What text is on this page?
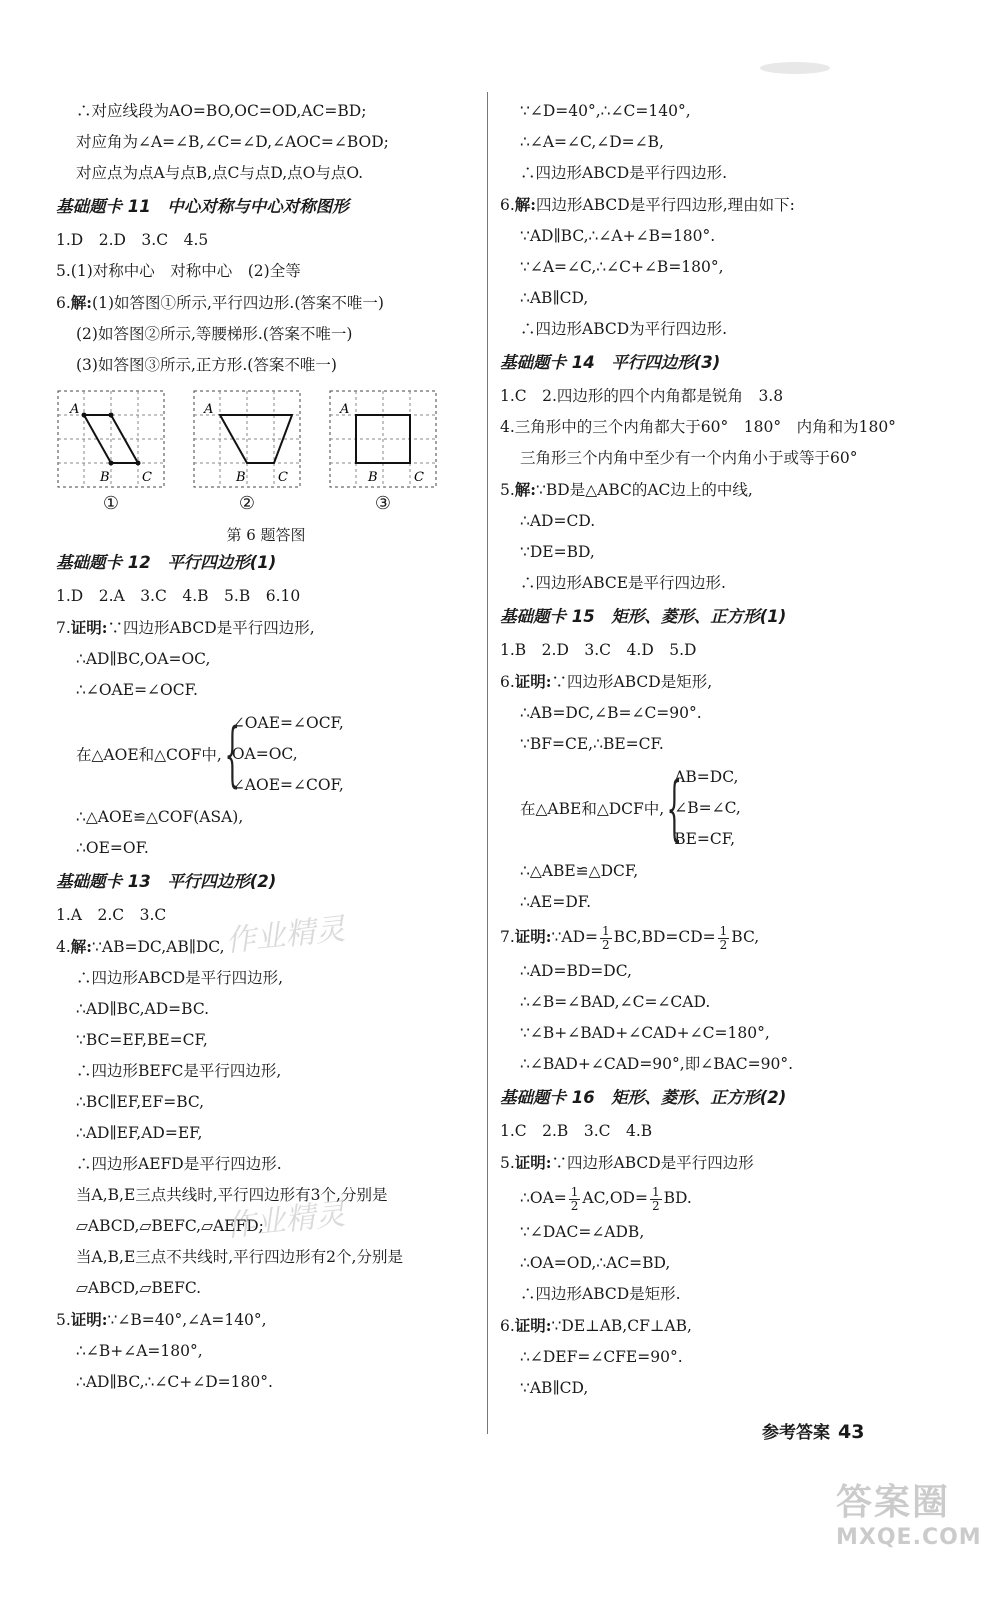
∴对应线段为AO=BO,OC=OD,AC=BD;
对应角为∠A=∠B,∠C=∠D,∠AOC=∠BOD;
对应点为点A与点B,点C与点D,点O与点O.
基础题卡 11　中心对称与中心对称图形
1.D　2.D　3.C　4.5
5.(1)对称中心　对称中心　(2)全等
6.解:(1)如答图①所示,平行四边形.(答案不唯一)
(2)如答图②所示,等腰梯形.(答案不唯一)
(3)如答图③所示,正方形.(答案不唯一)
A
B C
①
A
B C
②
A
B	C
③
第 6 题答图
基础题卡 12　平行四边形(1)
1.D　2.A　3.C　4.B　5.B　6.10
7.证明:∵四边形ABCD是平行四边形,
∴AD∥BC,OA=OC,
∴∠OAE=∠OCF.
在△AOE和△COF中, {
∠OAE=∠OCF,
OA=OC,
∠AOE=∠COF,
∴△AOE≌△COF(ASA),
∴OE=OF.
基础题卡 13　平行四边形(2)
1.A　2.C　3.C
4.解:∵AB=DC,AB∥DC,
∴四边形ABCD是平行四边形,
∴AD∥BC,AD=BC.
∵BC=EF,BE=CF,
∴四边形BEFC是平行四边形,
∴BC∥EF,EF=BC,
∴AD∥EF,AD=EF,
∴四边形AEFD是平行四边形.
当A,B,E三点共线时,平行四边形有3个,分别是
▱ABCD,▱BEFC,▱AEFD;
当A,B,E三点不共线时,平行四边形有2个,分别是
▱ABCD,▱BEFC.
5.证明:∵∠B=40°,∠A=140°,
∴∠B+∠A=180°,
∴AD∥BC,∴∠C+∠D=180°.
∵∠D=40°,∴∠C=140°,
∴∠A=∠C,∠D=∠B,
∴四边形ABCD是平行四边形.
6.解:四边形ABCD是平行四边形,理由如下:
∵AD∥BC,∴∠A+∠B=180°.
∵∠A=∠C,∴∠C+∠B=180°,
∴AB∥CD,
∴四边形ABCD为平行四边形.
基础题卡 14　平行四边形(3)
1.C　2.四边形的四个内角都是锐角　3.8
4.三角形中的三个内角都大于60°　180°　内角和为180°
三角形三个内角中至少有一个内角小于或等于60°
5.解:∵BD是△ABC的AC边上的中线,
∴AD=CD.
∵DE=BD,
∴四边形ABCE是平行四边形.
基础题卡 15　矩形、菱形、正方形(1)
1.B　2.D　3.C　4.D　5.D
6.证明:∵四边形ABCD是矩形,
∴AB=DC,∠B=∠C=90°.
∵BF=CE,∴BE=CF.
在△ABE和△DCF中, {
AB=DC,
∠B=∠C,
BE=CF,
∴△ABE≌△DCF,
∴AE=DF.
7.证明:∵AD= $\frac{1}{2} BC,BD=CD= \frac{1}{2}$ BC,
∴AD=BD=DC,
∴∠B=∠BAD,∠C=∠CAD.
∵∠B+∠BAD+∠CAD+∠C=180°,
∴∠BAD+∠CAD=90°,即∠BAC=90°.
基础题卡 16　矩形、菱形、正方形(2)
1.C　2.B　3.C　4.B
5.证明:∵四边形ABCD是平行四边形
∴OA= $\frac{1}{2} AC,OD= \frac{1}{2}$ BD.
∵∠DAC=∠ADB,
∴OA=OD,∴AC=BD,
∴四边形ABCD是矩形.
6.证明:∵DE⊥AB,CF⊥AB,
∴∠DEF=∠CFE=90°.
∵AB∥CD,
作业精灵
作业精灵
参考答案 43
答案圈
MXQE.COM
